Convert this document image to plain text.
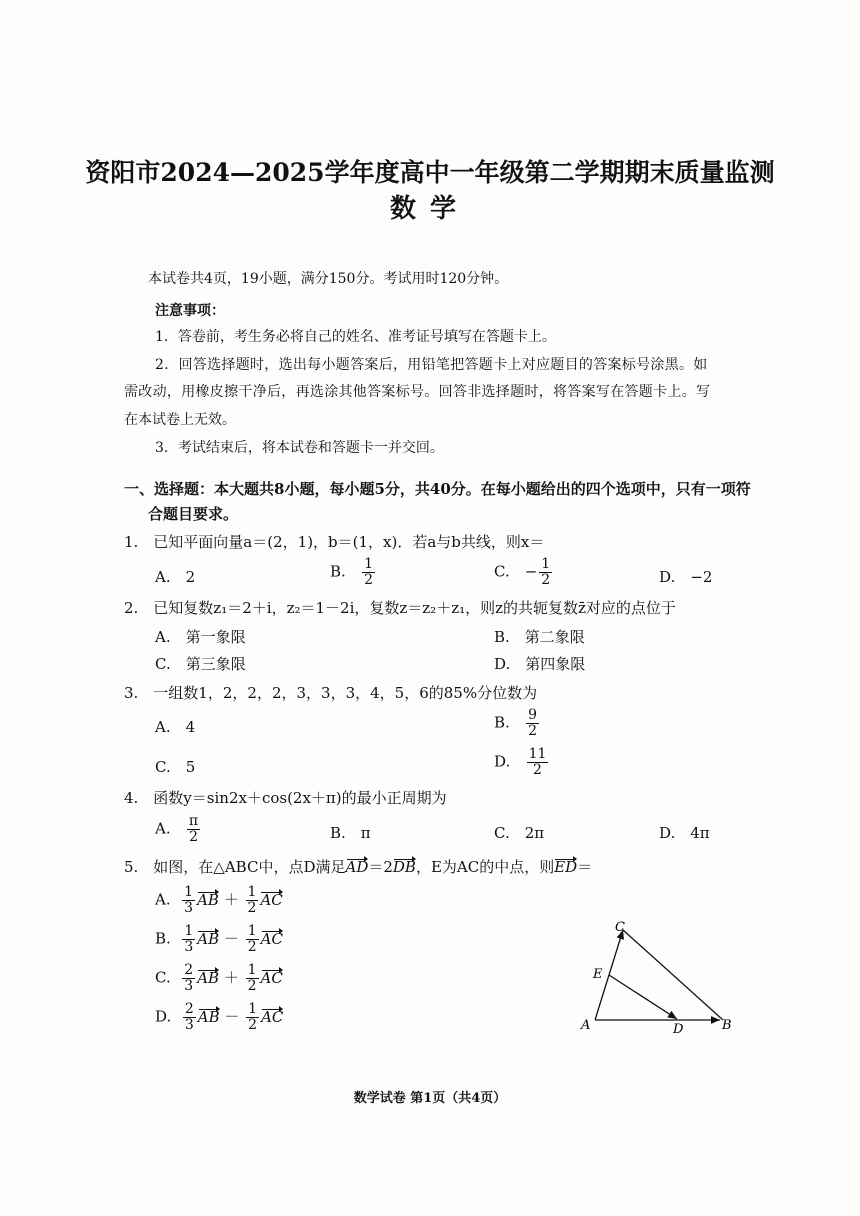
资阳市2024—2025学年度高中一年级第二学期期末质量监测
数学
本试卷共4页，19小题，满分150分。考试用时120分钟。
注意事项：
1．答卷前，考生务必将自己的姓名、准考证号填写在答题卡上。
2．回答选择题时，选出每小题答案后，用铅笔把答题卡上对应题目的答案标号涂黑。如
需改动，用橡皮擦干净后，再选涂其他答案标号。回答非选择题时，将答案写在答题卡上。写
在本试卷上无效。
3．考试结束后，将本试卷和答题卡一并交回。
一、选择题：本大题共8小题，每小题5分，共40分。在每小题给出的四个选项中，只有一项符
合题目要求。
1.　已知平面向量a＝(2，1)，b＝(1，x)．若a与b共线，则x＝
A.　2	B. $\frac{1}{2}$	C.　− $\frac{1}{2}$	D.　−2
2.　已知复数z₁＝2＋i，z₂＝1－2i，复数z＝z₂＋z₁，则z的共轭复数z̄对应的点位于
A.　第一象限	B.　第二象限
C.　第三象限	D.　第四象限
3.　一组数1，2，2，2，3，3，3，4，5，6的85%分位数为
A.　4	B. $\frac{9}{2}$
C.　5	D. $\frac{11}{2}$
4.　函数y＝sin2x＋cos(2x＋π)的最小正周期为
A. $\frac{\pi}{2}$	B.　π	C.　2π	D.　4π
5.　如图，在△ABC中，点D满足AD＝2DB，E为AC的中点，则ED＝
A. $\frac{1}{3}$ AB ＋ $\frac{1}{2}$ AC
B. $\frac{1}{3}$ AB － $\frac{1}{2}$ AC
C. $\frac{2}{3}$ AB ＋ $\frac{1}{2}$ AC
D. $\frac{2}{3}$ AB － $\frac{1}{2}$ AC	A	B
C
D
E
数学试卷 第1页（共4页）
